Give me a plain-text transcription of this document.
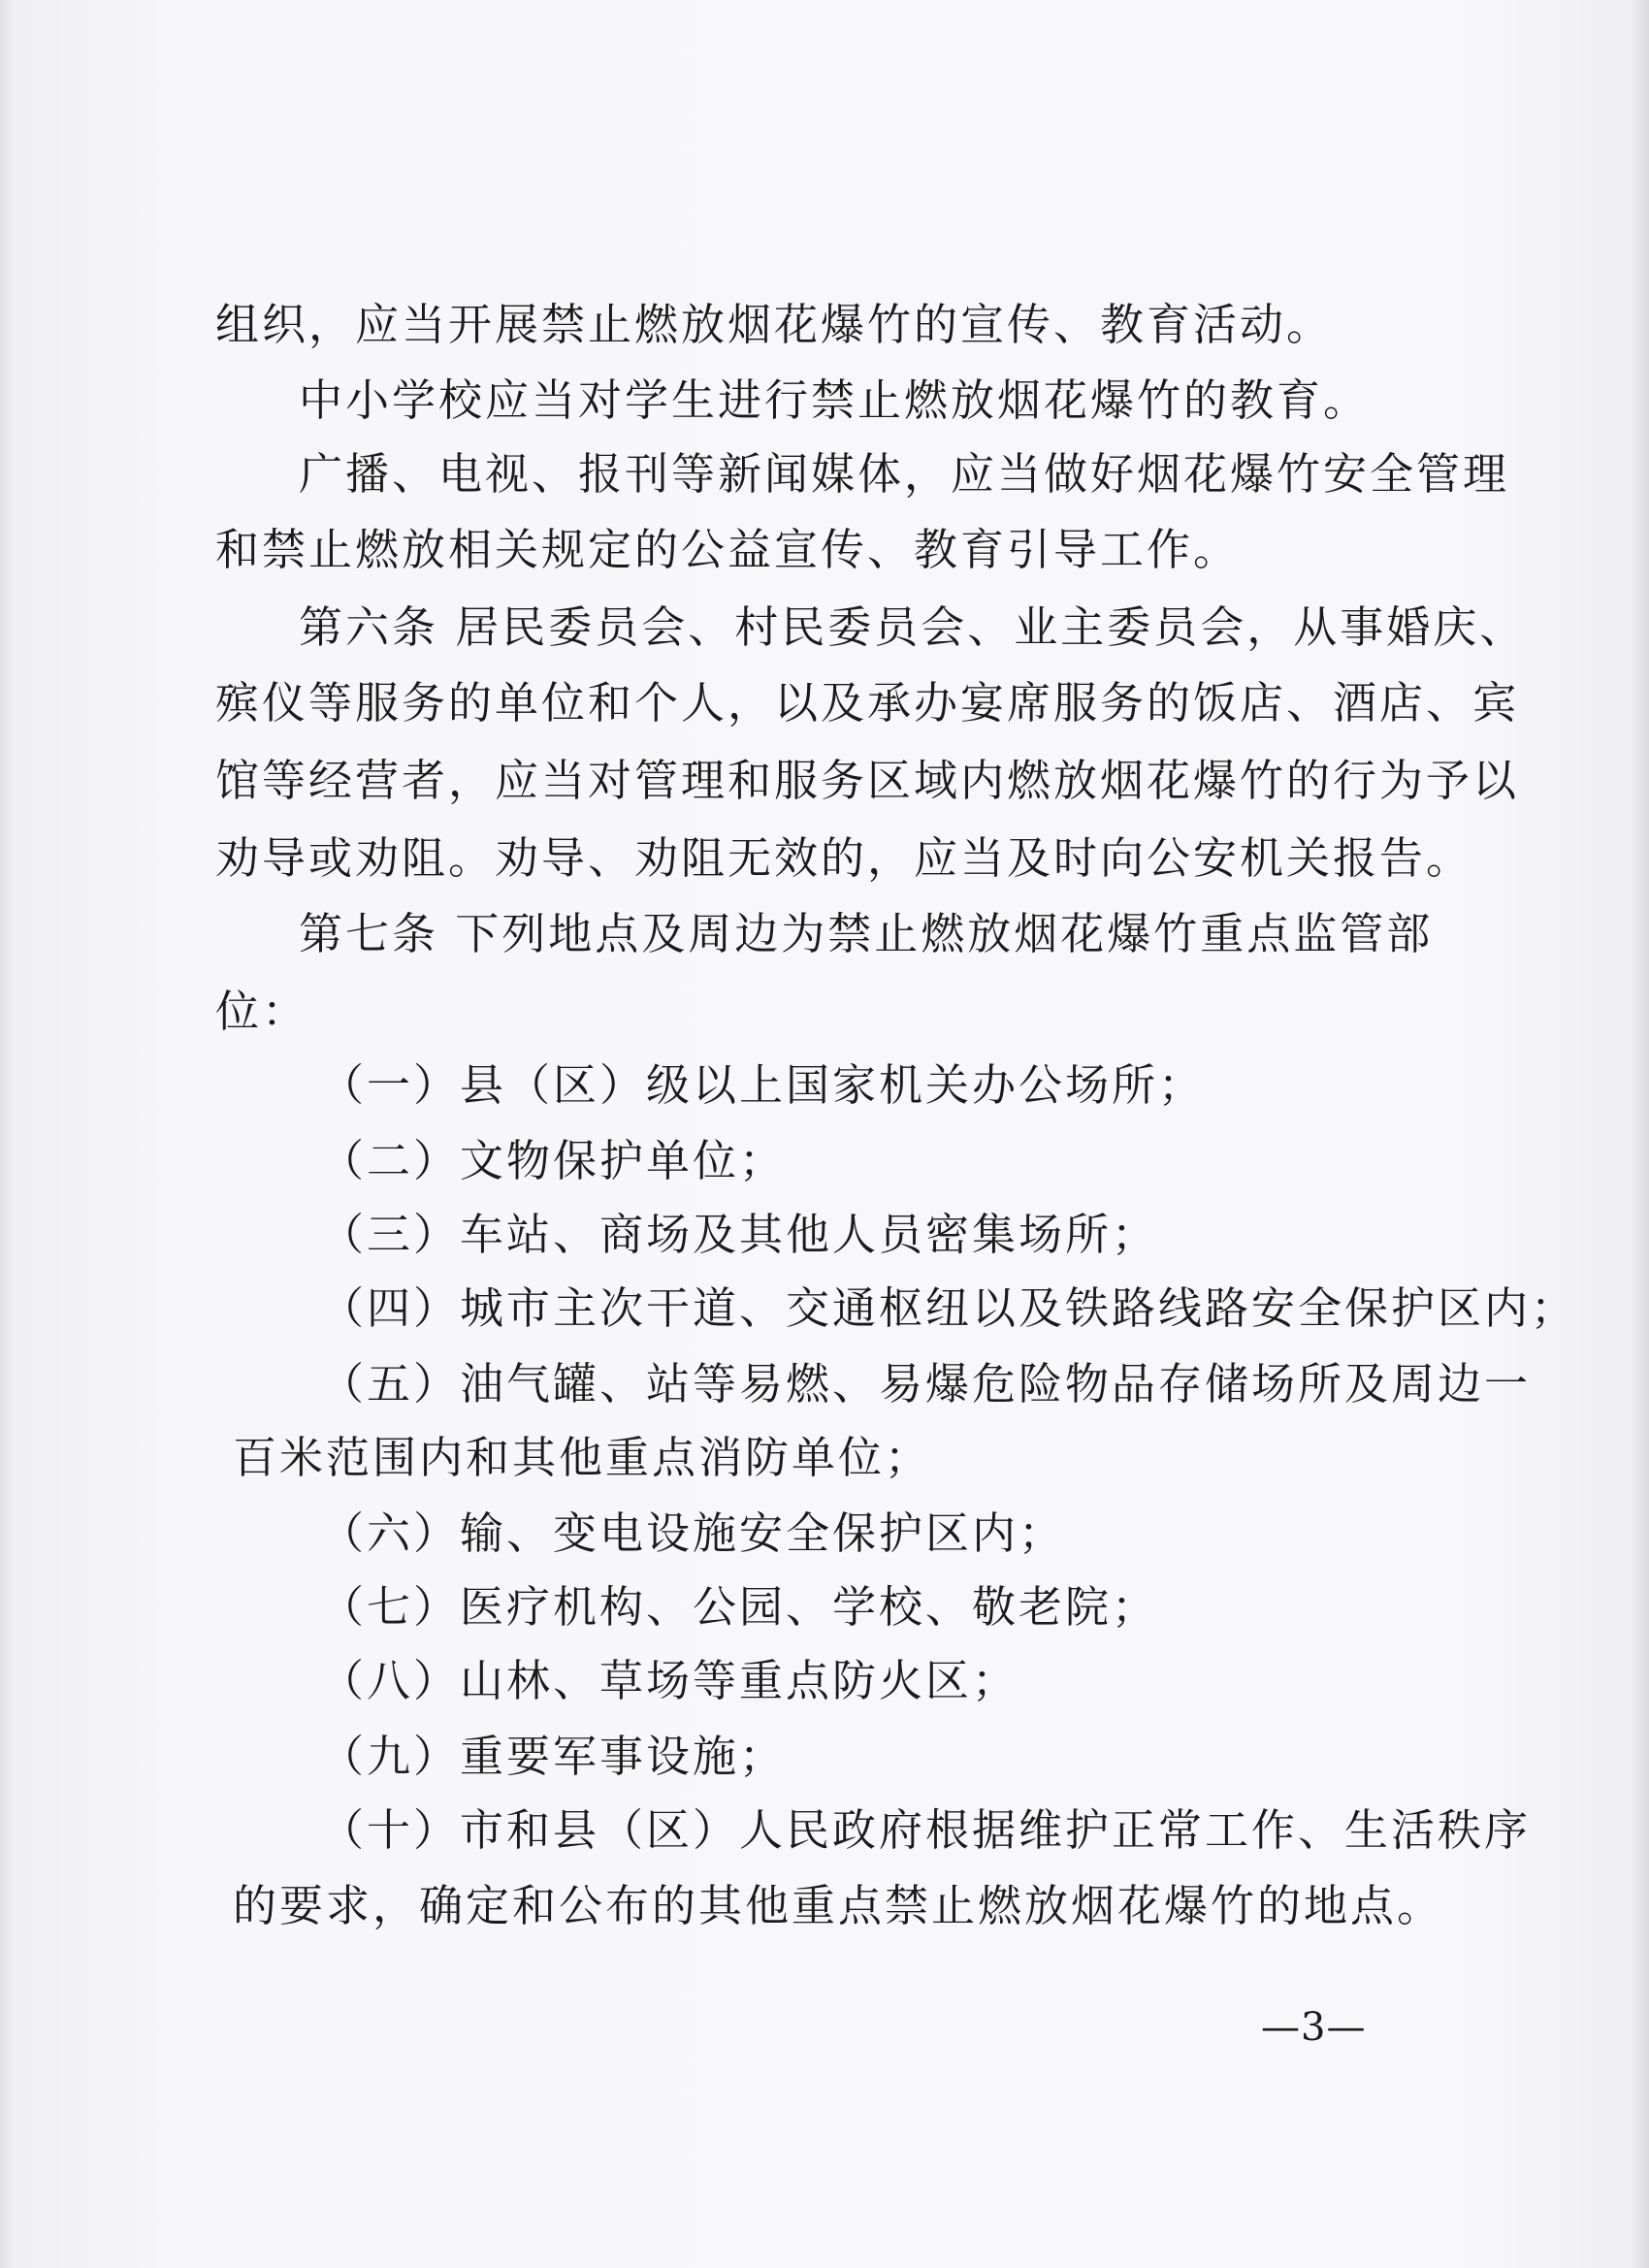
组织，应当开展禁止燃放烟花爆竹的宣传、教育活动。

中小学校应当对学生进行禁止燃放烟花爆竹的教育。

广播、电视、报刊等新闻媒体，应当做好烟花爆竹安全管理

和禁止燃放相关规定的公益宣传、教育引导工作。

第六条 居民委员会、村民委员会、业主委员会，从事婚庆、

殡仪等服务的单位和个人，以及承办宴席服务的饭店、酒店、宾

馆等经营者，应当对管理和服务区域内燃放烟花爆竹的行为予以

劝导或劝阻。劝导、劝阻无效的，应当及时向公安机关报告。

第七条 下列地点及周边为禁止燃放烟花爆竹重点监管部

位：

（一）县（区）级以上国家机关办公场所；

（二）文物保护单位；

（三）车站、商场及其他人员密集场所；

（四）城市主次干道、交通枢纽以及铁路线路安全保护区内；

（五）油气罐、站等易燃、易爆危险物品存储场所及周边一

百米范围内和其他重点消防单位；

（六）输、变电设施安全保护区内；

（七）医疗机构、公园、学校、敬老院；

（八）山林、草场等重点防火区；

（九）重要军事设施；

（十）市和县（区）人民政府根据维护正常工作、生活秩序

的要求，确定和公布的其他重点禁止燃放烟花爆竹的地点。

—3—
